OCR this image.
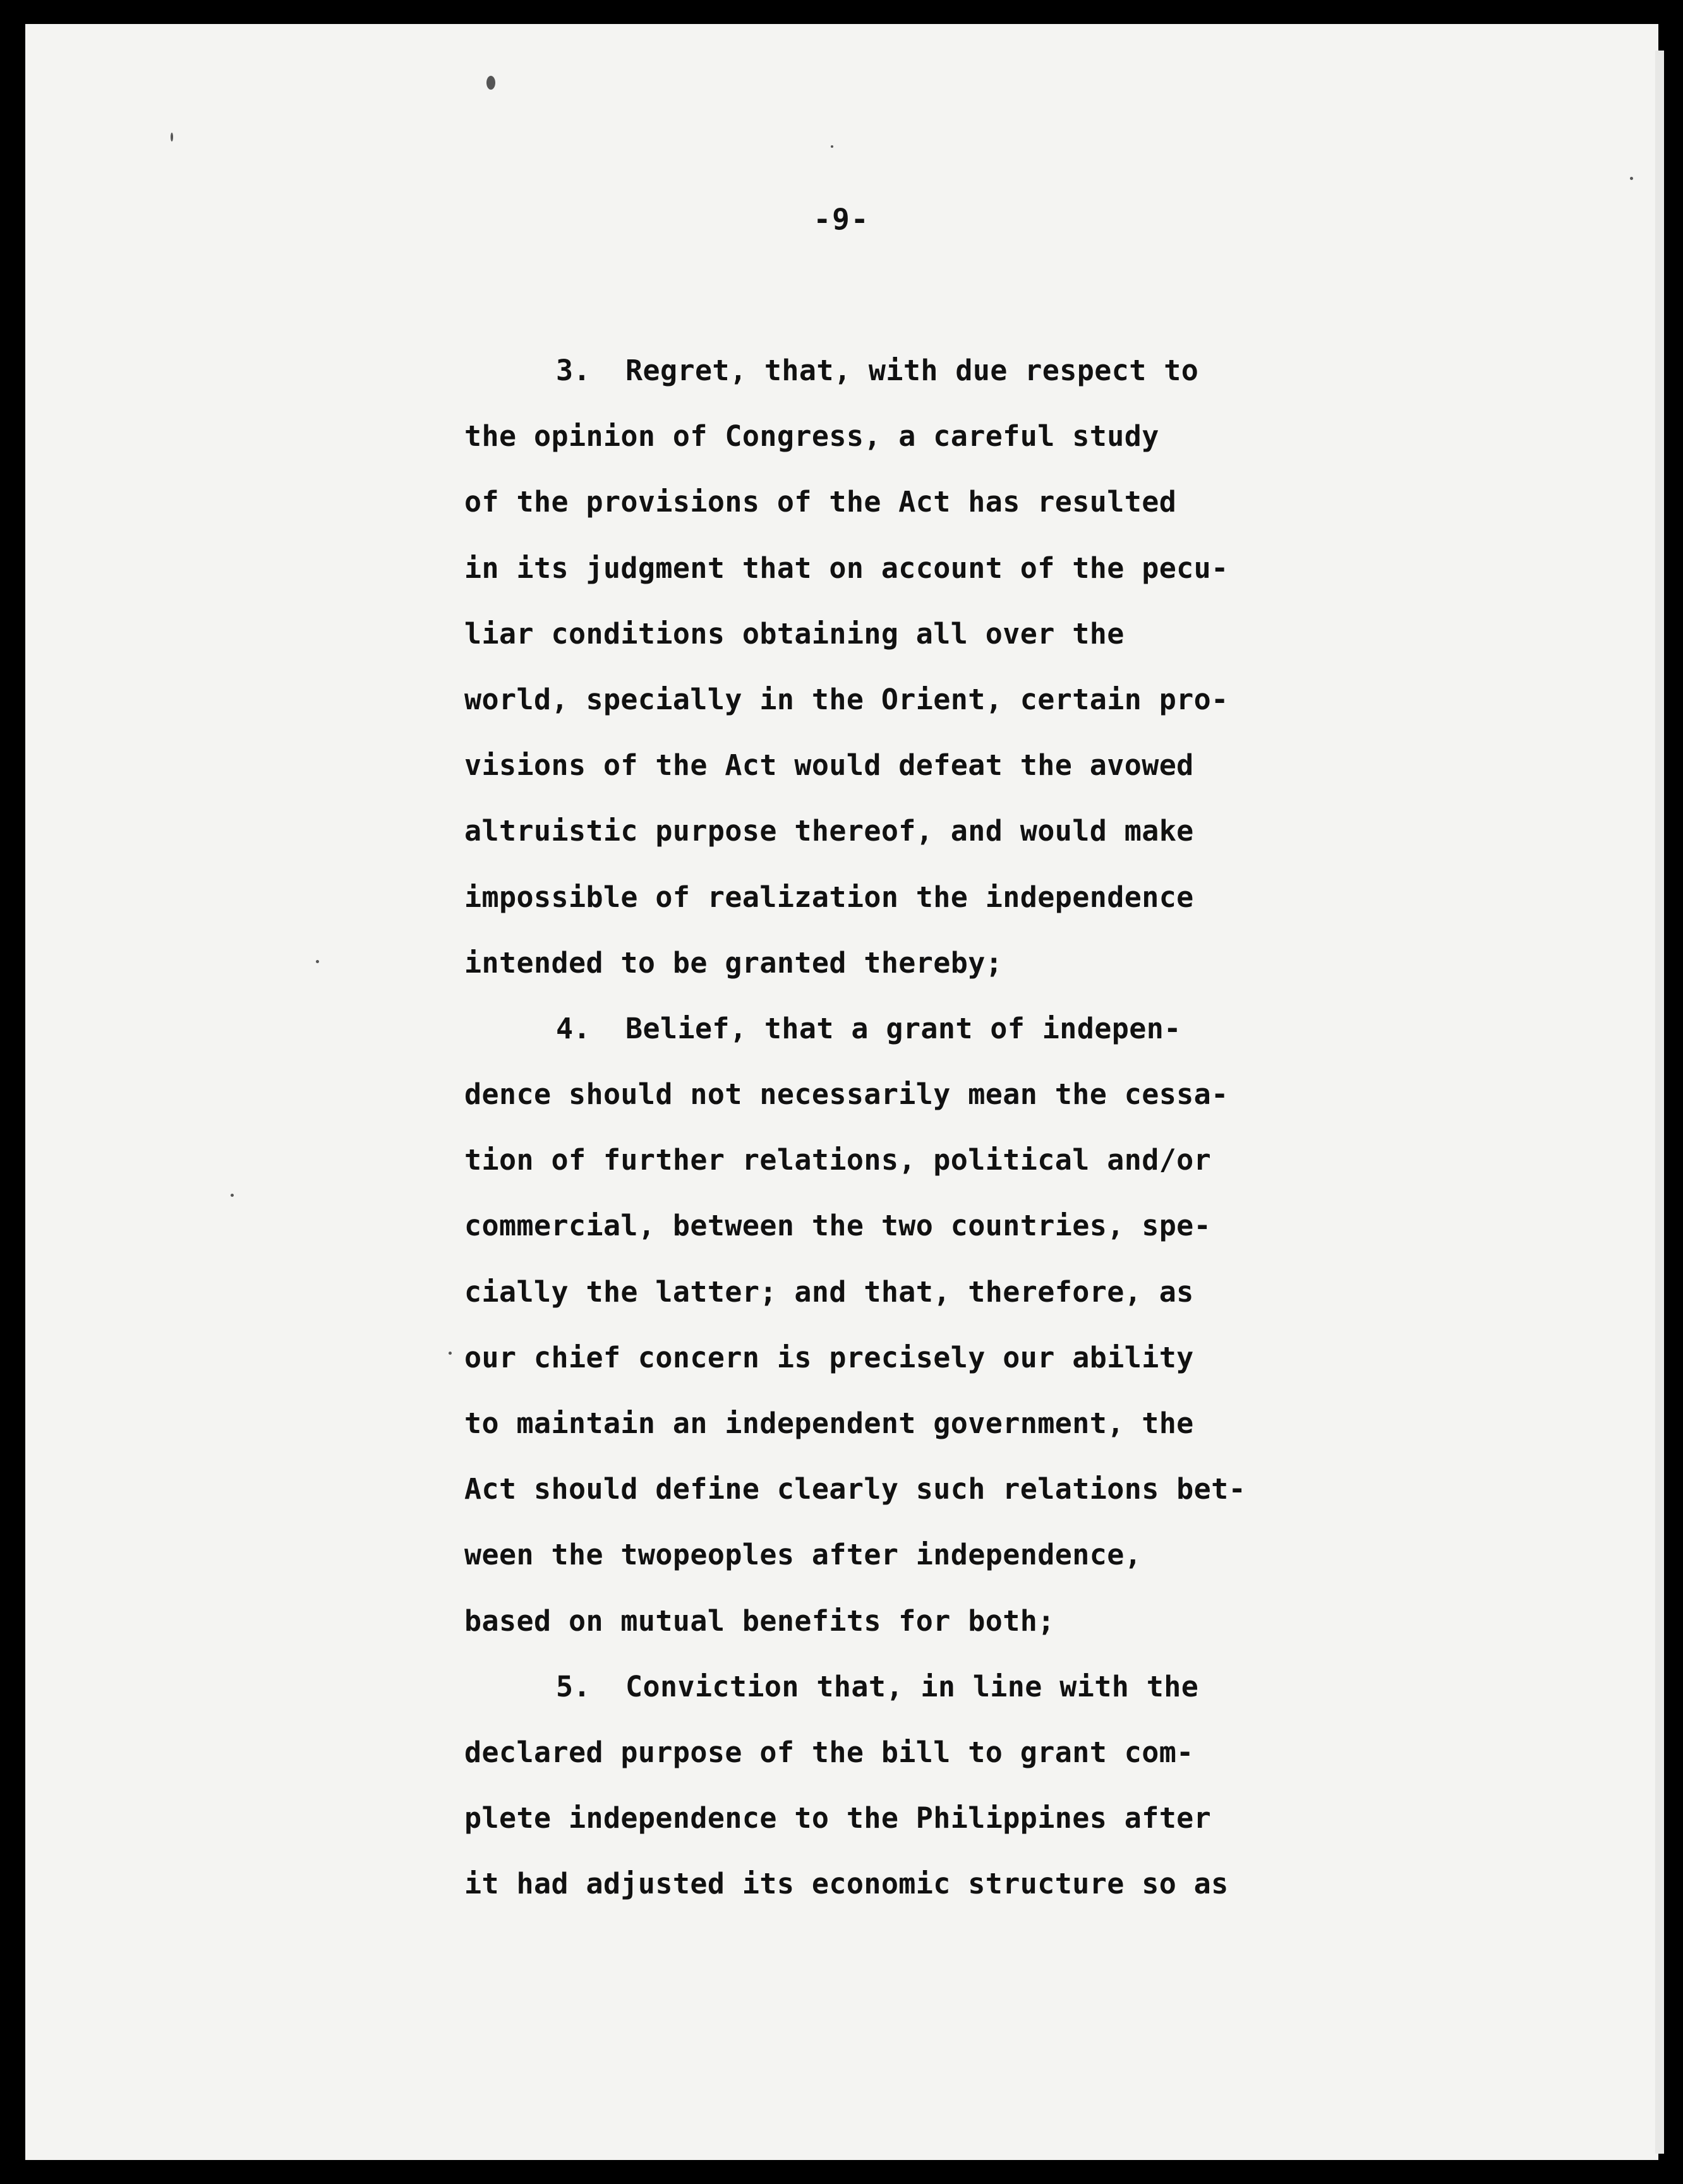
-9-
3.  Regret, that, with due respect to
the opinion of Congress, a careful study
of the provisions of the Act has resulted
in its judgment that on account of the pecu-
liar conditions obtaining all over the
world, specially in the Orient, certain pro-
visions of the Act would defeat the avowed
altruistic purpose thereof, and would make
impossible of realization the independence
intended to be granted thereby;
4.  Belief, that a grant of indepen-
dence should not necessarily mean the cessa-
tion of further relations, political and/or
commercial, between the two countries, spe-
cially the latter; and that, therefore, as
our chief concern is precisely our ability
to maintain an independent government, the
Act should define clearly such relations bet-
ween the twopeoples after independence,
based on mutual benefits for both;
5.  Conviction that, in line with the
declared purpose of the bill to grant com-
plete independence to the Philippines after
it had adjusted its economic structure so as
